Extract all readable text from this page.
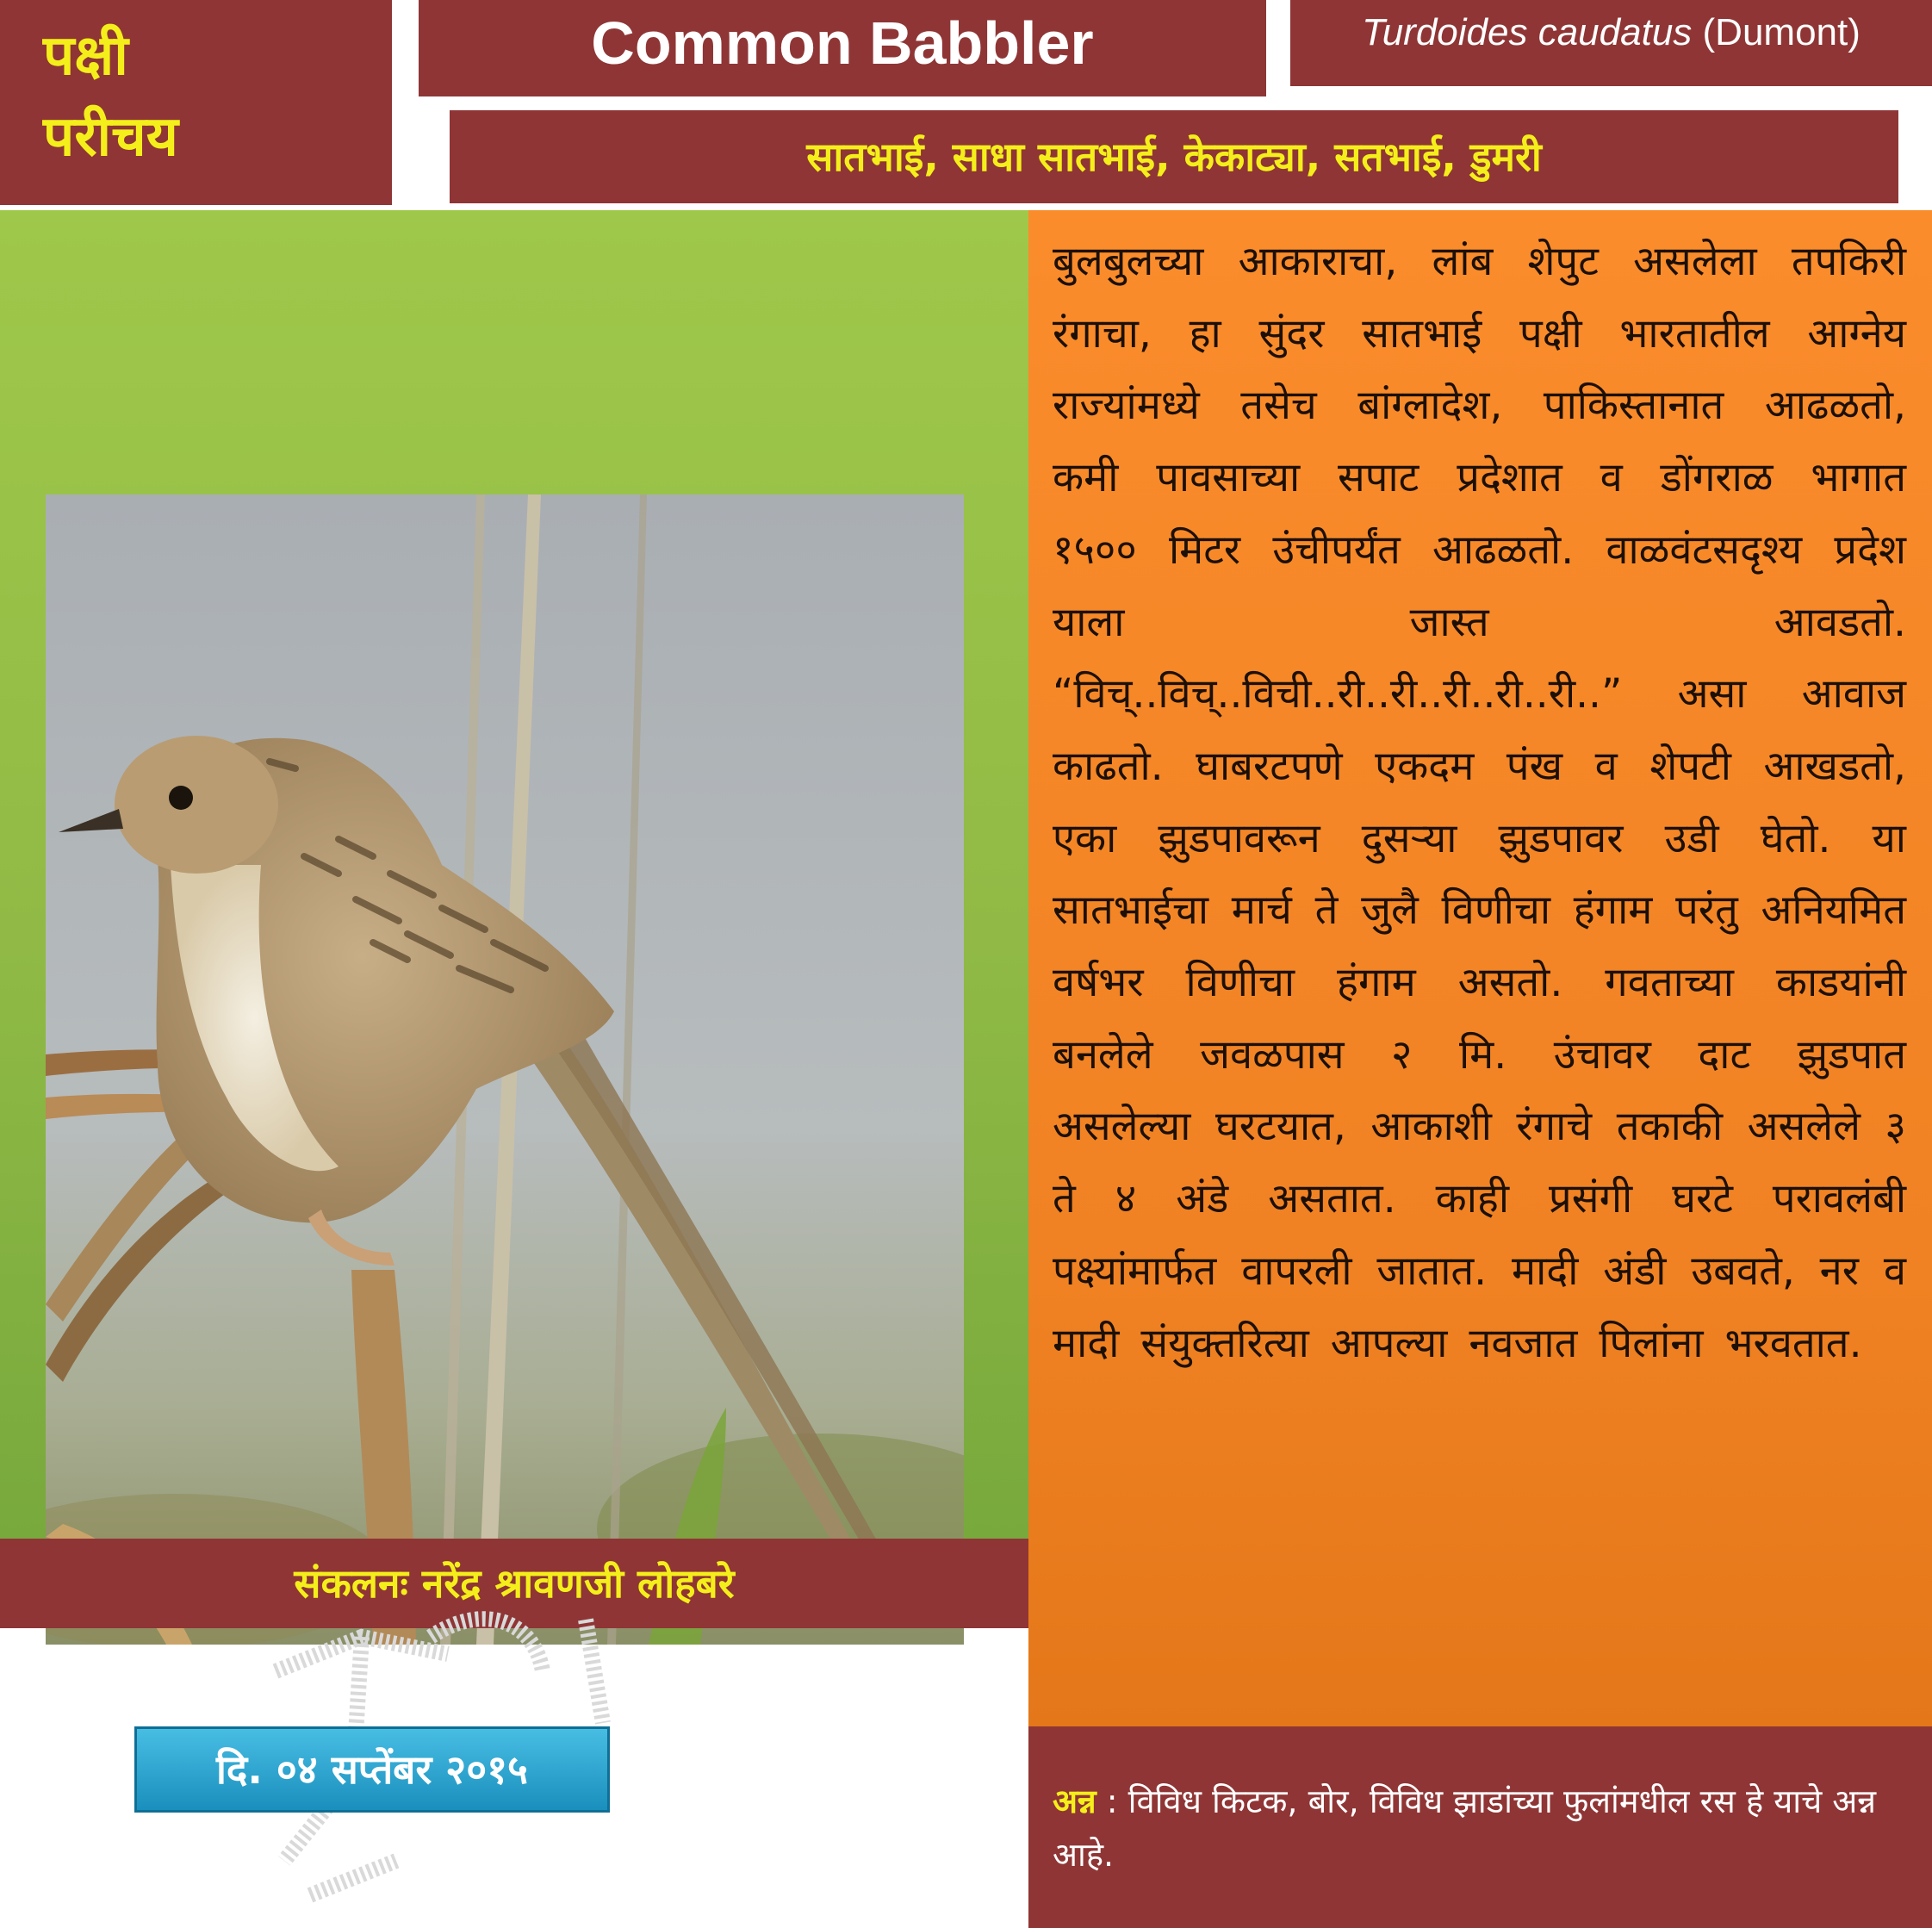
पक्षी
परीचय
Common Babbler	Turdoides caudatus (Dumont)
सातभाई, साधा सातभाई, केकाट्या, सतभाई, डुमरी
संकलनः नरेंद्र श्रावणजी लोहबरे

बुलबुलच्या आकाराचा, लांब शेपुट असलेला तपकिरी रंगाचा, हा सुंदर सातभाई पक्षी भारतातील आग्नेय राज्यांमध्ये तसेच बांग्लादेश, पाकिस्तानात आढळतो, कमी पावसाच्या सपाट प्रदेशात व डोंगराळ भागात १५०० मिटर उंचीपर्यंत आढळतो. वाळवंटसदृश्य प्रदेश याला जास्त आवडतो. “विच्..विच्..विची..री..री..री..री..री..” असा आवाज काढतो. घाबरटपणे एकदम पंख व शेपटी आखडतो, एका झुडपावरून दुसऱ्या झुडपावर उडी घेतो. या सातभाईचा मार्च ते जुलै विणीचा हंगाम परंतु अनियमित वर्षभर विणीचा हंगाम असतो. गवताच्या काडयांनी बनलेले जवळपास २ मि. उंचावर दाट झुडपात असलेल्या घरटयात, आकाशी रंगाचे तकाकी असलेले ३ ते ४ अंडे असतात. काही प्रसंगी घरटे परावलंबी पक्ष्यांमार्फत वापरली जातात. मादी अंडी उबवते, नर व मादी संयुक्तरित्या आपल्या नवजात पिलांना भरवतात.

अन्न : विविध किटक, बोर, विविध झाडांच्या फुलांमधील रस हे याचे अन्न आहे.

दि. ०४ सप्तेंबर २०१५
